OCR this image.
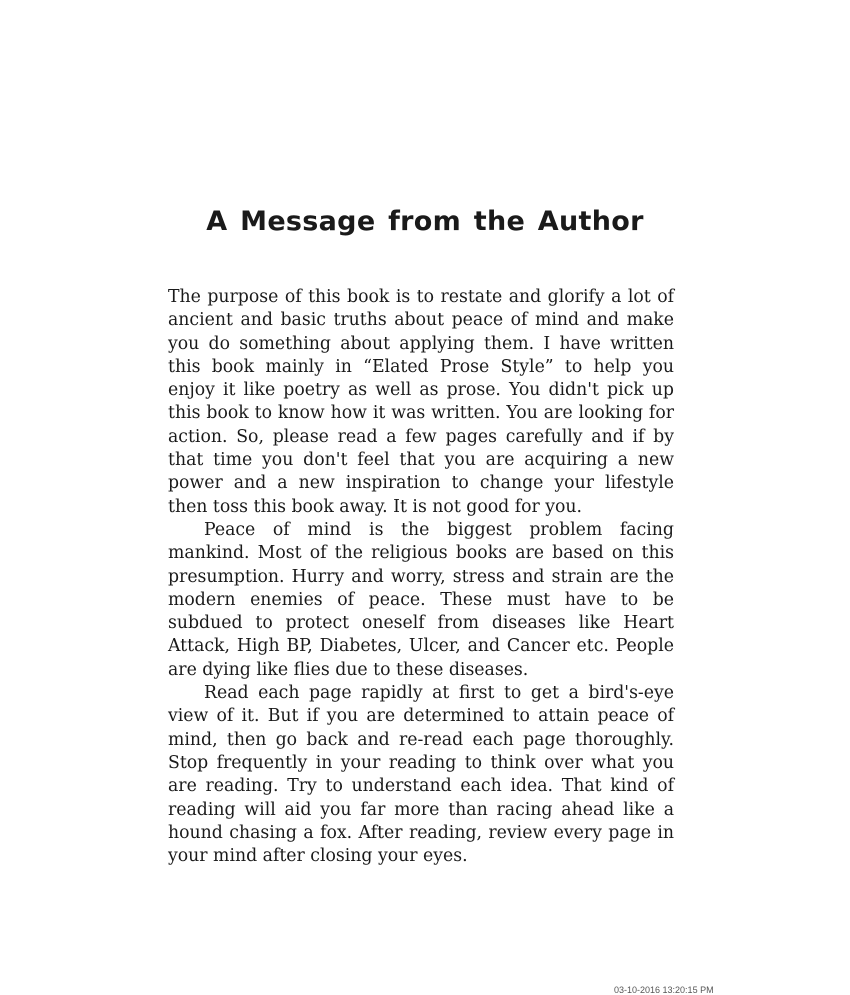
A Message from the Author

The purpose of this book is to restate and glorify a lot of ancient and basic truths about peace of mind and make you do something about applying them. I have written this book mainly in “Elated Prose Style” to help you enjoy it like poetry as well as prose. You didn't pick up this book to know how it was written. You are looking for action. So, please read a few pages carefully and if by that time you don't feel that you are acquiring a new power and a new inspiration to change your lifestyle then toss this book away. It is not good for you.

Peace of mind is the biggest problem facing mankind. Most of the religious books are based on this presumption. Hurry and worry, stress and strain are the modern enemies of peace. These must have to be subdued to protect oneself from diseases like Heart Attack, High BP, Diabetes, Ulcer, and Cancer etc. People are dying like flies due to these diseases.

Read each page rapidly at first to get a bird's-eye view of it. But if you are determined to attain peace of mind, then go back and re-read each page thoroughly. Stop frequently in your reading to think over what you are reading. Try to understand each idea. That kind of reading will aid you far more than racing ahead like a hound chasing a fox. After reading, review every page in your mind after closing your eyes.

03-10-2016 13:20:15 PM
